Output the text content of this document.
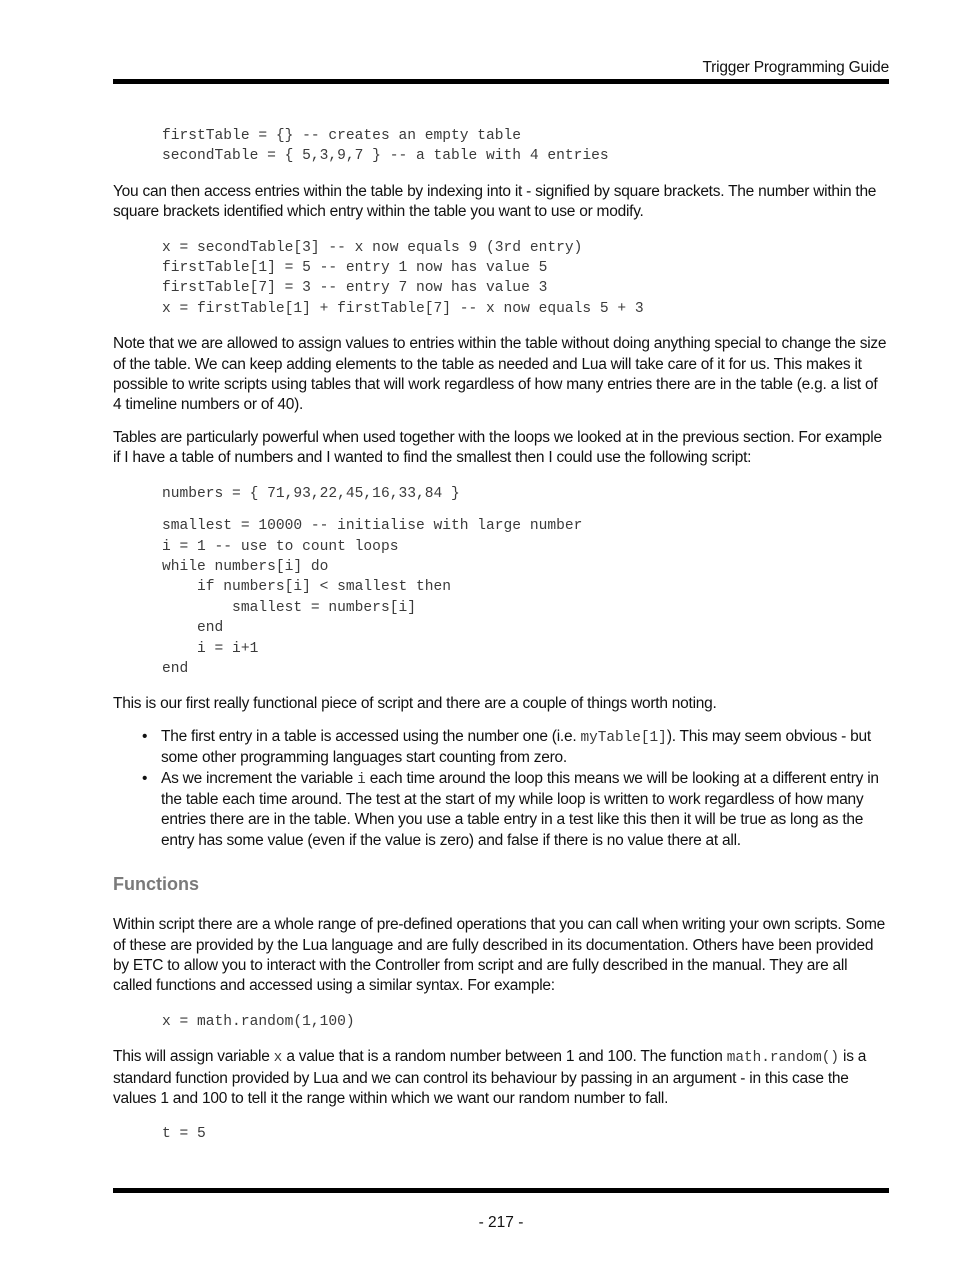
Trigger Programming Guide
firstTable = {} -- creates an empty table
secondTable = { 5,3,9,7 } -- a table with 4 entries

You can then access entries within the table by indexing into it - signified by square brackets. The number within the square brackets identified which entry within the table you want to use or modify.

x = secondTable[3] -- x now equals 9 (3rd entry)
firstTable[1] = 5 -- entry 1 now has value 5
firstTable[7] = 3 -- entry 7 now has value 3
x = firstTable[1] + firstTable[7] -- x now equals 5 + 3

Note that we are allowed to assign values to entries within the table without doing anything special to change the size of the table. We can keep adding elements to the table as needed and Lua will take care of it for us. This makes it possible to write scripts using tables that will work regardless of how many entries there are in the table (e.g. a list of 4 timeline numbers or of 40).

Tables are particularly powerful when used together with the loops we looked at in the previous section. For example if I have a table of numbers and I wanted to find the smallest then I could use the following script:

numbers = { 71,93,22,45,16,33,84 }
smallest = 10000 -- initialise with large number
i = 1 -- use to count loops
while numbers[i] do
if numbers[i] < smallest then
smallest = numbers[i]
end
i = i+1
end

This is our first really functional piece of script and there are a couple of things worth noting.

• The first entry in a table is accessed using the number one (i.e. myTable[1]). This may seem obvious - but some other programming languages start counting from zero.
• As we increment the variable i each time around the loop this means we will be looking at a different entry in the table each time around. The test at the start of my while loop is written to work regardless of how many entries there are in the table. When you use a table entry in a test like this then it will be true as long as the entry has some value (even if the value is zero) and false if there is no value there at all.
Functions

Within script there are a whole range of pre-defined operations that you can call when writing your own scripts. Some of these are provided by the Lua language and are fully described in its documentation. Others have been provided by ETC to allow you to interact with the Controller from script and are fully described in the manual. They are all called functions and accessed using a similar syntax. For example:

x = math.random(1,100)

This will assign variable x a value that is a random number between 1 and 100. The function math.random() is a standard function provided by Lua and we can control its behaviour by passing in an argument - in this case the values 1 and 100 to tell it the range within which we want our random number to fall.

t = 5
- 217 -
